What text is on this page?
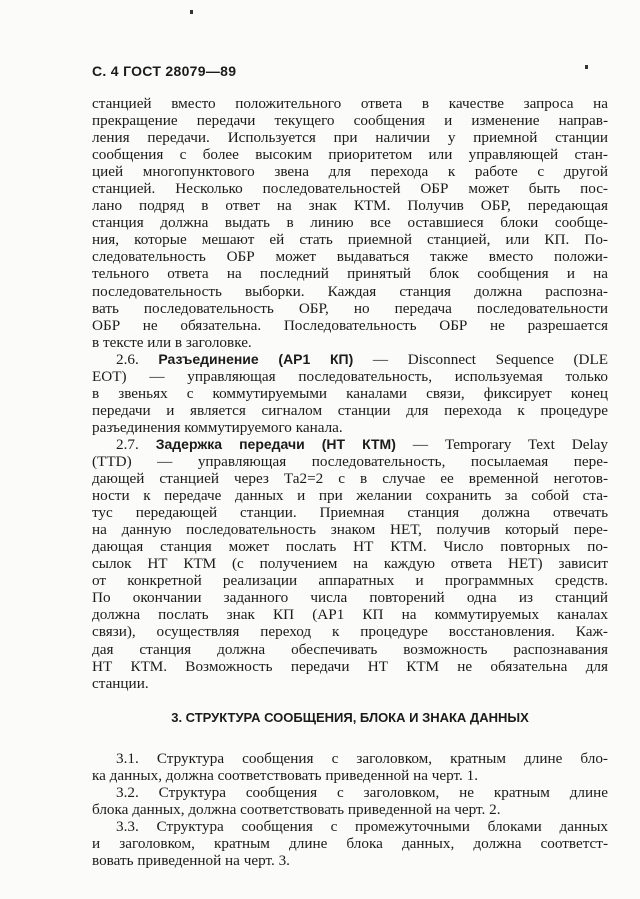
С. 4 ГОСТ 28079—89
станцией вместо положительного ответа в качестве запроса на
прекращение передачи текущего сообщения и изменение направ-
ления передачи. Используется при наличии у приемной станции
сообщения с более высоким приоритетом или управляющей стан-
цией многопунктового звена для перехода к работе с другой
станцией. Несколько последовательностей ОБР может быть пос-
лано подряд в ответ на знак КТМ. Получив ОБР, передающая
станция должна выдать в линию все оставшиеся блоки сообще-
ния, которые мешают ей стать приемной станцией, или КП. По-
следовательность ОБР может выдаваться также вместо положи-
тельного ответа на последний принятый блок сообщения и на
последовательность выборки. Каждая станция должна распозна-
вать последовательность ОБР, но передача последовательности
ОБР не обязательна. Последовательность ОБР не разрешается
в тексте или в заголовке.
2.6. Разъединение (АР1 КП) — Disconnect Sequence (DLE
EOT) — управляющая последовательность, используемая только
в звеньях с коммутируемыми каналами связи, фиксирует конец
передачи и является сигналом станции для перехода к процедуре
разъединения коммутируемого канала.
2.7. Задержка передачи (НТ КТМ) — Temporary Text Delay
(TTD) — управляющая последовательность, посылаемая пере-
дающей станцией через Та2=2 с в случае ее временной неготов-
ности к передаче данных и при желании сохранить за собой ста-
тус передающей станции. Приемная станция должна отвечать
на данную последовательность знаком НЕТ, получив который пере-
дающая станция может послать НТ КТМ. Число повторных по-
сылок НТ КТМ (с получением на каждую ответа НЕТ) зависит
от конкретной реализации аппаратных и программных средств.
По окончании заданного числа повторений одна из станций
должна послать знак КП (АР1 КП на коммутируемых каналах
связи), осуществляя переход к процедуре восстановления. Каж-
дая станция должна обеспечивать возможность распознавания
НТ КТМ. Возможность передачи НТ КТМ не обязательна для
станции.
3. СТРУКТУРА СООБЩЕНИЯ, БЛОКА И ЗНАКА ДАННЫХ
3.1. Структура сообщения с заголовком, кратным длине бло-
ка данных, должна соответствовать приведенной на черт. 1.
3.2. Структура сообщения с заголовком, не кратным длине
блока данных, должна соответствовать приведенной на черт. 2.
3.3. Структура сообщения с промежуточными блоками данных
и заголовком, кратным длине блока данных, должна соответст-
вовать приведенной на черт. 3.
